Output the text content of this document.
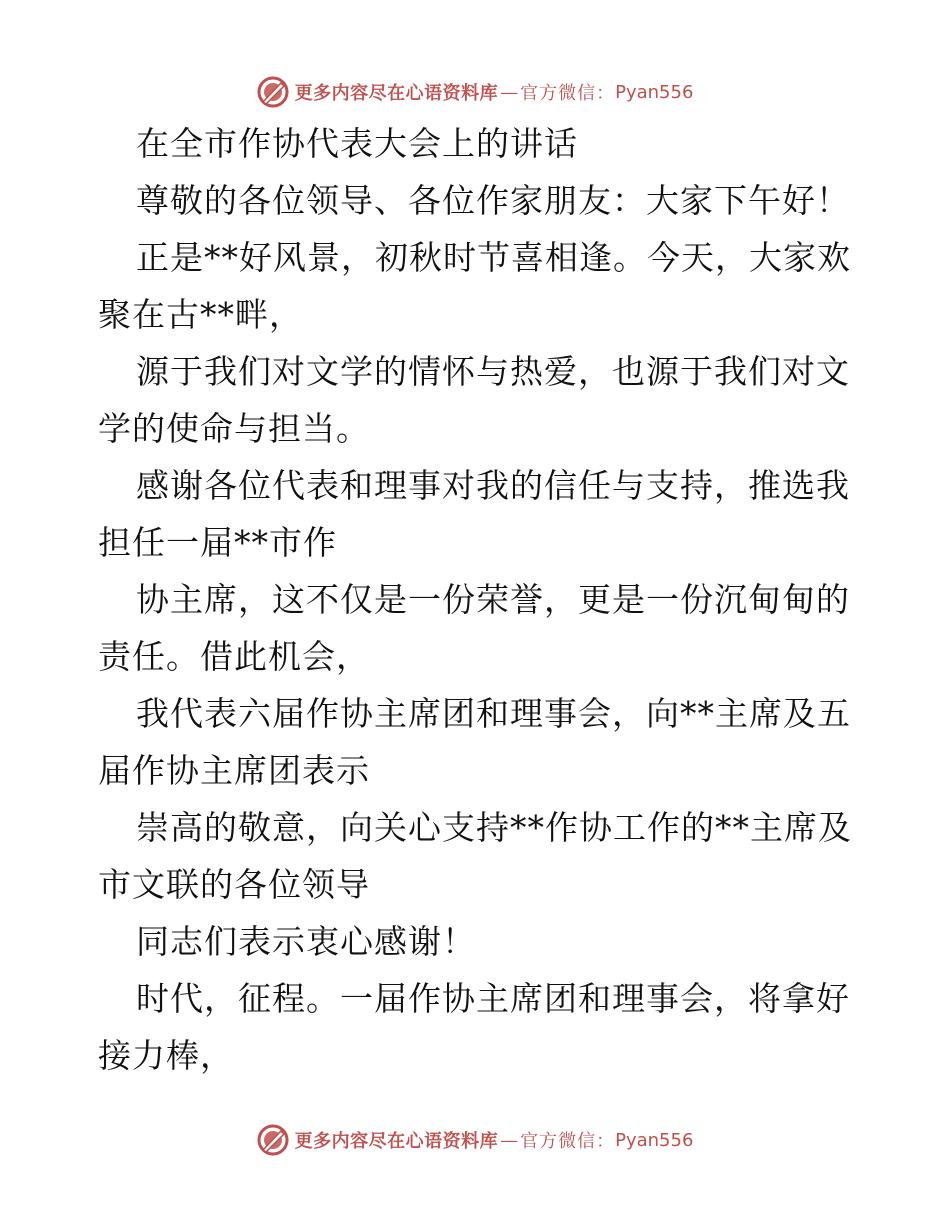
更多内容尽在心语资料库 — 官方微信： Pyan556

在全市作协代表大会上的讲话

尊敬的各位领导、各位作家朋友：大家下午好！

正是**好风景，初秋时节喜相逢。今天，大家欢聚在古**畔，

源于我们对文学的情怀与热爱，也源于我们对文学的使命与担当。

感谢各位代表和理事对我的信任与支持，推选我担任一届**市作

协主席，这不仅是一份荣誉，更是一份沉甸甸的责任。借此机会，

我代表六届作协主席团和理事会，向**主席及五届作协主席团表示

崇高的敬意，向关心支持**作协工作的**主席及市文联的各位领导

同志们表示衷心感谢！

时代，征程。一届作协主席团和理事会，将拿好接力棒，

更多内容尽在心语资料库 — 官方微信： Pyan556
